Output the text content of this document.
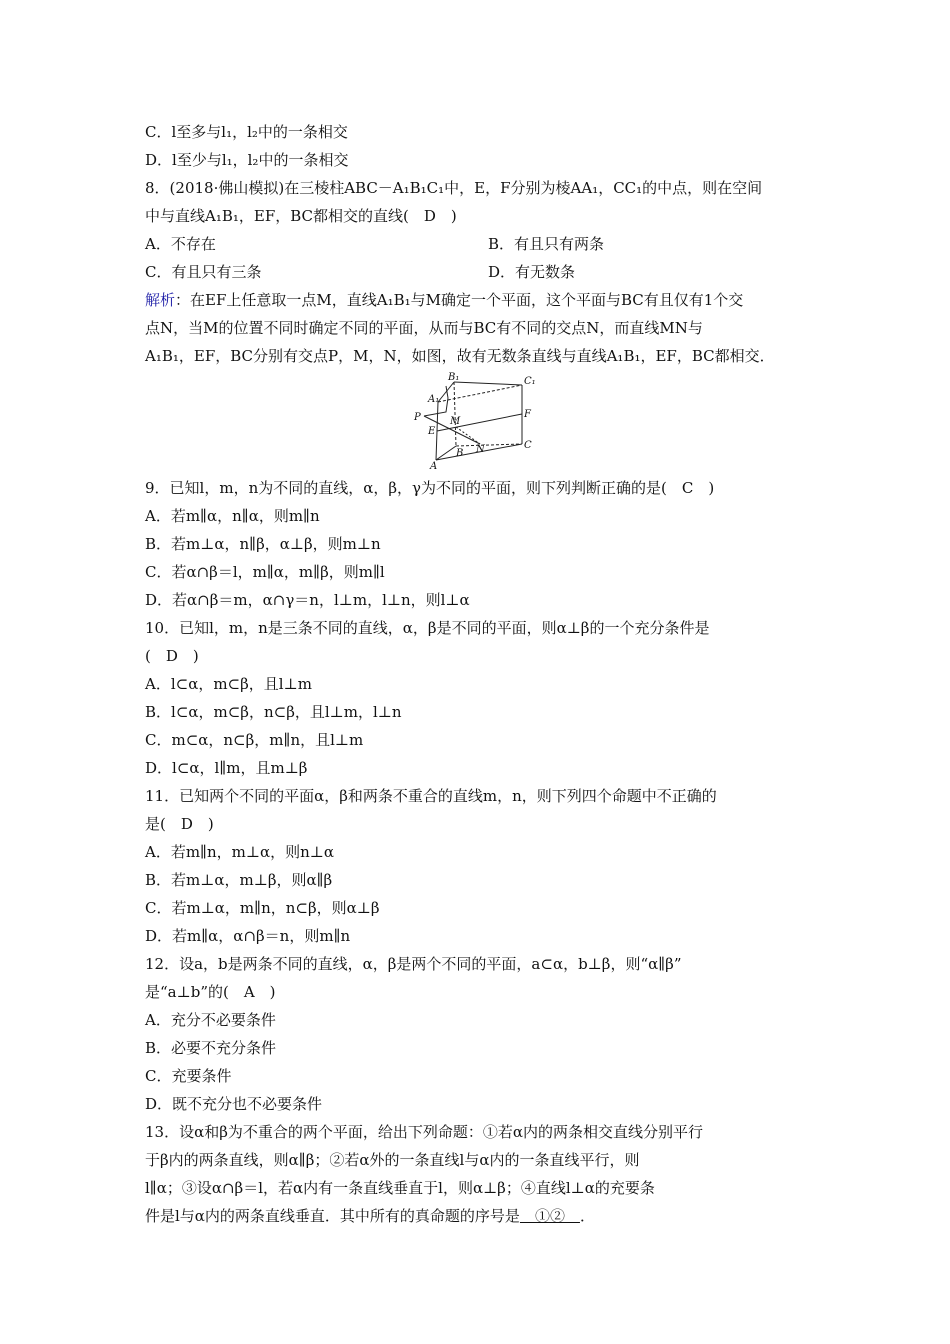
C．l至多与l₁，l₂中的一条相交
D．l至少与l₁，l₂中的一条相交
8．(2018·佛山模拟)在三棱柱ABC－A₁B₁C₁中，E，F分别为棱AA₁，CC₁的中点，则在空间
中与直线A₁B₁，EF，BC都相交的直线(　D　)
A．不存在	B．有且只有两条
C．有且只有三条	D．有无数条
解析：在EF上任意取一点M，直线A₁B₁与M确定一个平面，这个平面与BC有且仅有1个交
点N，当M的位置不同时确定不同的平面，从而与BC有不同的交点N，而直线MN与
A₁B₁，EF，BC分别有交点P，M，N，如图，故有无数条直线与直线A₁B₁，EF，BC都相交．
B₁	C₁
A₁
F
P	M
E
B N	C
A
9．已知l，m，n为不同的直线，α，β，γ为不同的平面，则下列判断正确的是(　C　)
A．若m∥α，n∥α，则m∥n
B．若m⊥α，n∥β，α⊥β，则m⊥n
C．若α∩β＝l，m∥α，m∥β，则m∥l
D．若α∩β＝m，α∩γ＝n，l⊥m，l⊥n，则l⊥α
10．已知l，m，n是三条不同的直线，α，β是不同的平面，则α⊥β的一个充分条件是
(　D　)
A．l⊂α，m⊂β，且l⊥m
B．l⊂α，m⊂β，n⊂β，且l⊥m，l⊥n
C．m⊂α，n⊂β，m∥n，且l⊥m
D．l⊂α，l∥m，且m⊥β
11．已知两个不同的平面α，β和两条不重合的直线m，n，则下列四个命题中不正确的
是(　D　)
A．若m∥n，m⊥α，则n⊥α
B．若m⊥α，m⊥β，则α∥β
C．若m⊥α，m∥n，n⊂β，则α⊥β
D．若m∥α，α∩β＝n，则m∥n
12．设a，b是两条不同的直线，α，β是两个不同的平面，a⊂α，b⊥β，则“α∥β”
是“a⊥b”的(　A　)
A．充分不必要条件
B．必要不充分条件
C．充要条件
D．既不充分也不必要条件
13．设α和β为不重合的两个平面，给出下列命题：①若α内的两条相交直线分别平行
于β内的两条直线，则α∥β；②若α外的一条直线l与α内的一条直线平行，则
l∥α；③设α∩β＝l，若α内有一条直线垂直于l，则α⊥β；④直线l⊥α的充要条
件是l与α内的两条直线垂直．其中所有的真命题的序号是　①②　．
